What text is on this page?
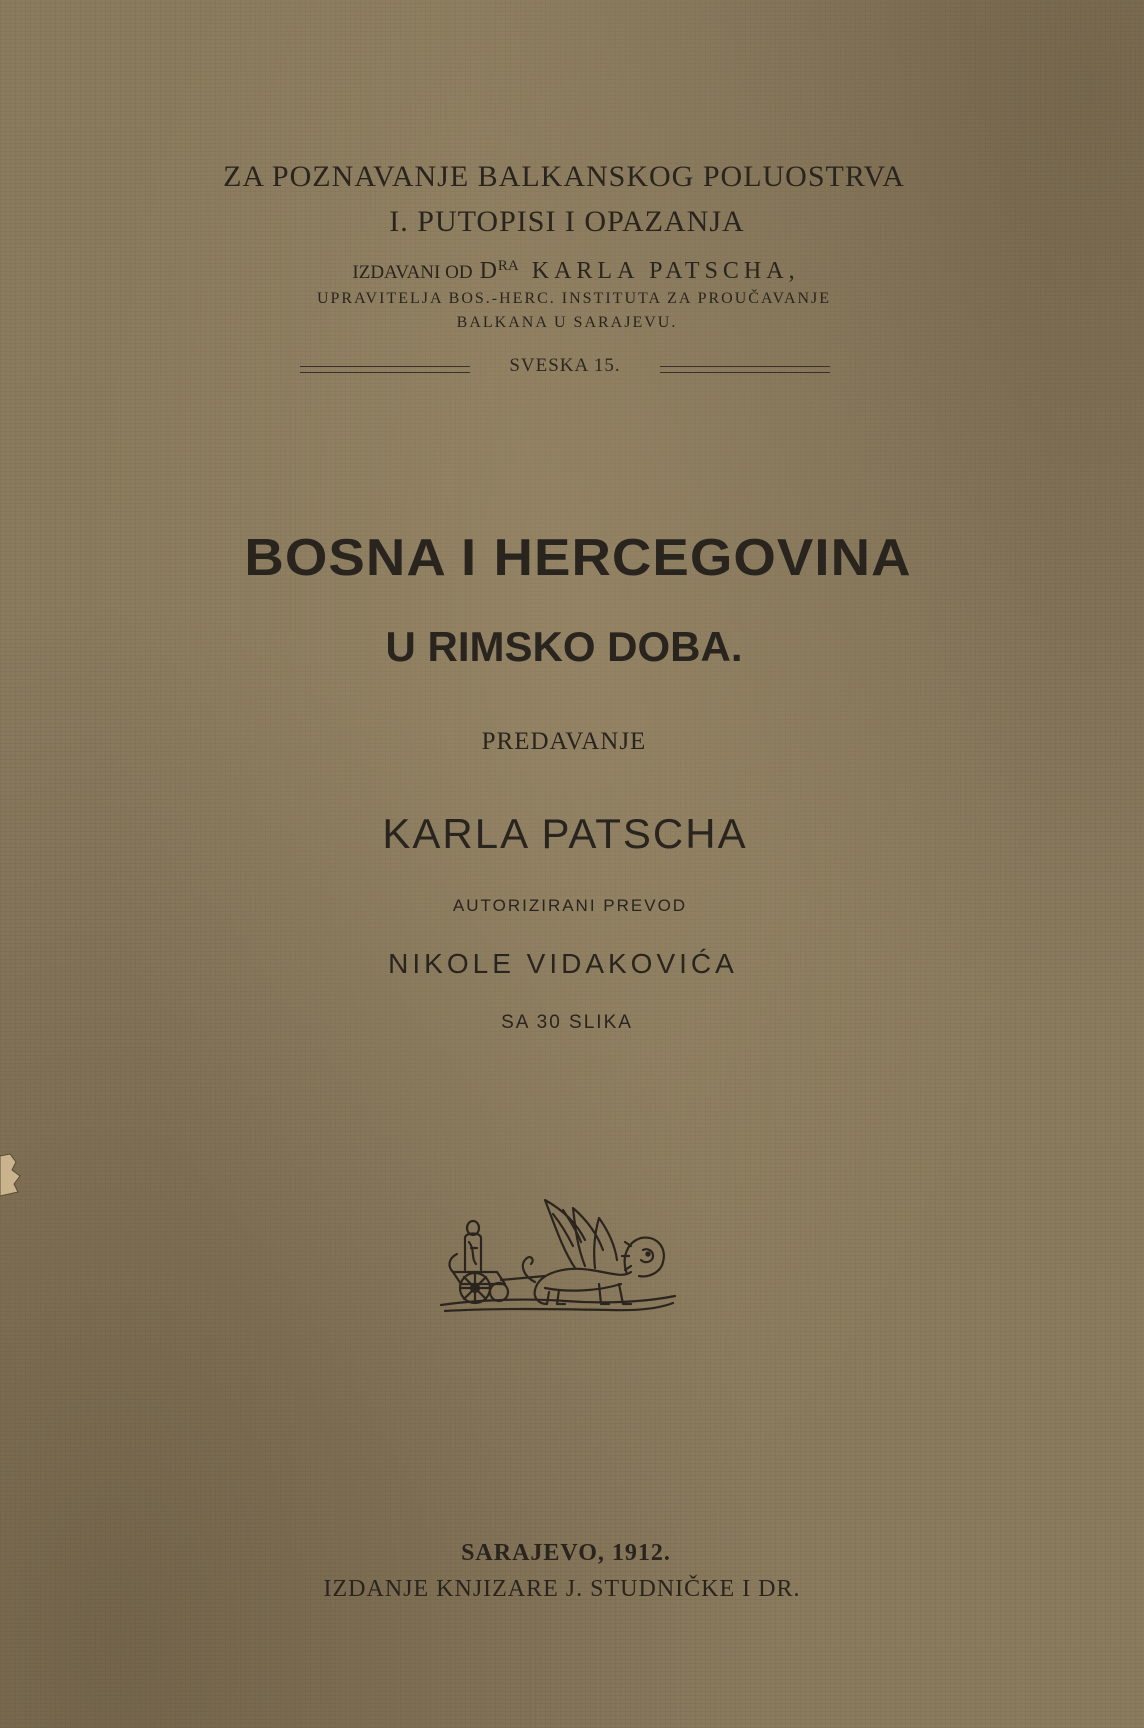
ZA POZNAVANJE BALKANSKOG POLUOSTRVA
I. PUTOPISI I OPAZANJA
IZDAVANI OD $D^{RA}$ KARLA PATSCHA,
UPRAVITELJA BOS.-HERC. INSTITUTA ZA PROUČAVANJE
BALKANA U SARAJEVU.
SVESKA 15.
BOSNA I HERCEGOVINA
U RIMSKO DOBA.
PREDAVANJE
KARLA PATSCHA
AUTORIZIRANI PREVOD
NIKOLE VIDAKOVIĆA
SA 30 SLIKA
SARAJEVO, 1912.
IZDANJE KNJIZARE J. STUDNIČKE I DR.
